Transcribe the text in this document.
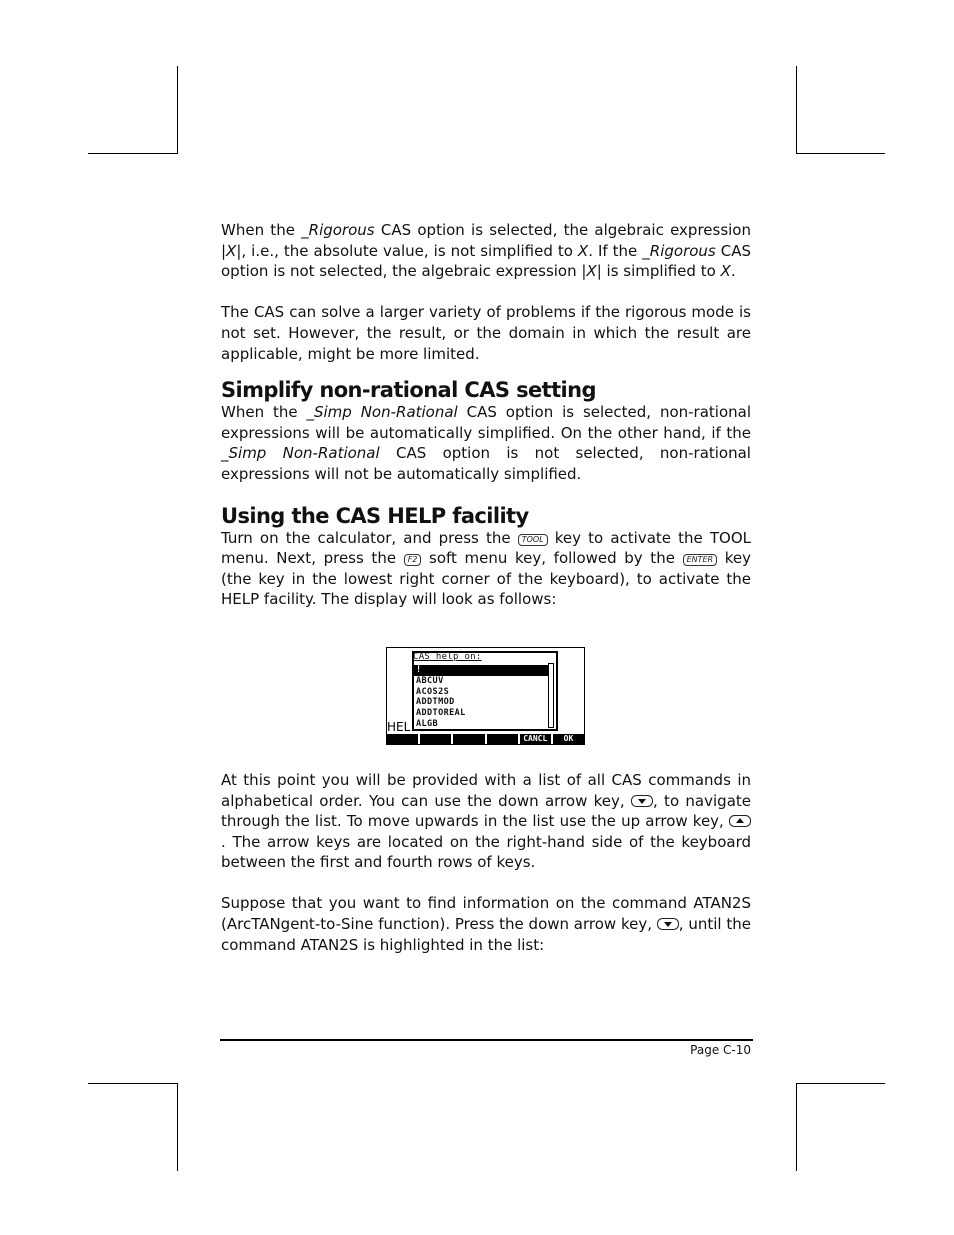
When the _Rigorous CAS option is selected, the algebraic expression |X|, i.e., the absolute value, is not simplified to X. If the _Rigorous CAS option is not selected, the algebraic expression |X| is simplified to X.

The CAS can solve a larger variety of problems if the rigorous mode is not set. However, the result, or the domain in which the result are applicable, might be more limited.

Simplify non-rational CAS setting

When the _Simp Non-Rational CAS option is selected, non-rational expressions will be automatically simplified. On the other hand, if the _Simp Non-Rational CAS option is not selected, non-rational expressions will not be automatically simplified.

Using the CAS HELP facility

Turn on the calculator, and press the TOOL key to activate the TOOL menu. Next, press the F2 soft menu key, followed by the ENTER key (the key in the lowest right corner of the keyboard), to activate the HELP facility. The display will look as follows:

At this point you will be provided with a list of all CAS commands in alphabetical order. You can use the down arrow key, , to navigate through the list. To move upwards in the list use the up arrow key,  . The arrow keys are located on the right-hand side of the keyboard between the first and fourth rows of keys.

Suppose that you want to find information on the command ATAN2S (ArcTANgent-to-Sine function). Press the down arrow key, , until the command ATAN2S is highlighted in the list:

HEL
CAS help on:
!
ABCUV
ACOS2S
ADDTMOD
ADDTOREAL
ALGB
CANCL	OK
Page C-10
